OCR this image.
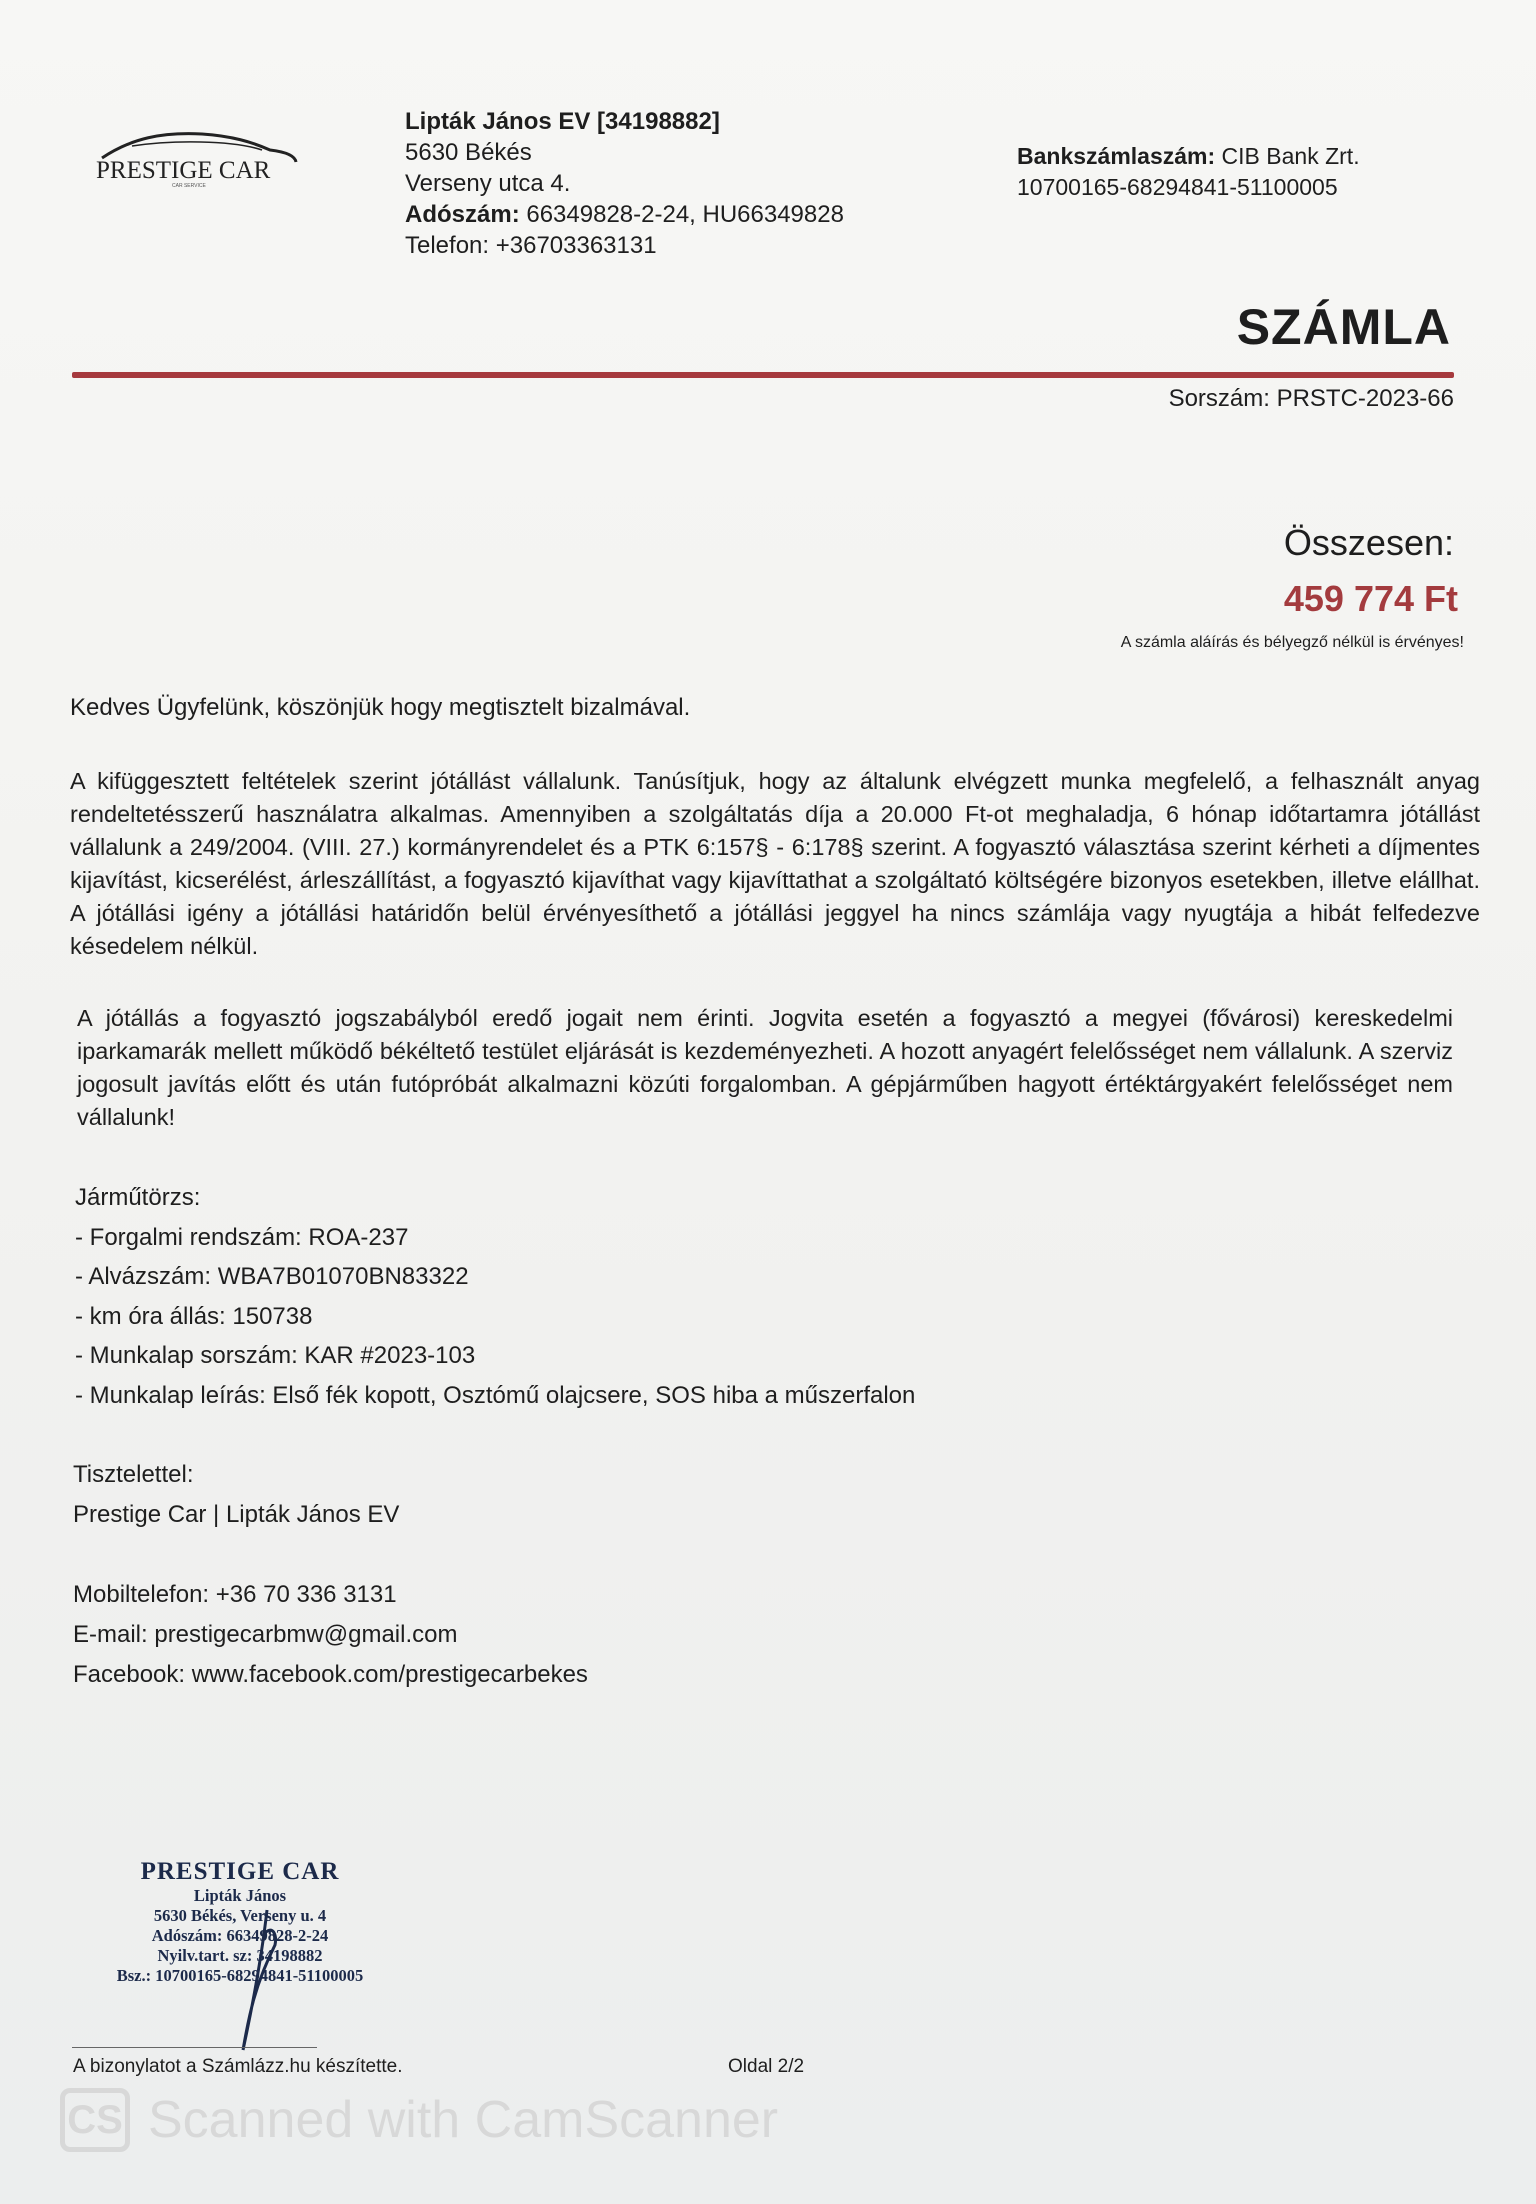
PRESTIGE CAR
CAR SERVICE
Lipták János EV [34198882]
5630 Békés
Verseny utca 4.
Adószám: 66349828-2-24, HU66349828
Telefon: +36703363131
Bankszámlaszám: CIB Bank Zrt.
10700165-68294841-51100005
SZÁMLA
Sorszám: PRSTC-2023-66
Összesen:
459 774 Ft
A számla aláírás és bélyegző nélkül is érvényes!
Kedves Ügyfelünk, köszönjük hogy megtisztelt bizalmával.
A kifüggesztett feltételek szerint jótállást vállalunk. Tanúsítjuk, hogy az általunk elvégzett munka megfelelő, a felhasznált anyag rendeltetésszerű használatra alkalmas. Amennyiben a szolgáltatás díja a 20.000 Ft-ot meghaladja, 6 hónap időtartamra jótállást vállalunk a 249/2004. (VIII. 27.) kormányrendelet és a PTK 6:157§ - 6:178§ szerint. A fogyasztó választása szerint kérheti a díjmentes kijavítást, kicserélést, árleszállítást, a fogyasztó kijavíthat vagy kijavíttathat a szolgáltató költségére bizonyos esetekben, illetve elállhat. A jótállási igény a jótállási határidőn belül érvényesíthető a jótállási jeggyel ha nincs számlája vagy nyugtája a hibát felfedezve késedelem nélkül.
A jótállás a fogyasztó jogszabályból eredő jogait nem érinti. Jogvita esetén a fogyasztó a megyei (fővárosi) kereskedelmi iparkamarák mellett működő békéltető testület eljárását is kezdeményezheti. A hozott anyagért felelősséget nem vállalunk. A szerviz jogosult javítás előtt és után futópróbát alkalmazni közúti forgalomban. A gépjárműben hagyott értéktárgyakért felelősséget nem vállalunk!
Járműtörzs:
- Forgalmi rendszám: ROA-237
- Alvázszám: WBA7B01070BN83322
- km óra állás: 150738
- Munkalap sorszám: KAR #2023-103
- Munkalap leírás: Első fék kopott, Osztómű olajcsere, SOS hiba a műszerfalon
Tisztelettel:
Prestige Car | Lipták János EV
Mobiltelefon: +36 70 336 3131
E-mail: prestigecarbmw@gmail.com
Facebook: www.facebook.com/prestigecarbekes
PRESTIGE CAR
Lipták János
5630 Békés, Verseny u. 4
Adószám: 66349828-2-24
Nyilv.tart. sz: 34198882
Bsz.: 10700165-68294841-51100005
A bizonylatot a Számlázz.hu készítette.	Oldal 2/2
CS Scanned with CamScanner
